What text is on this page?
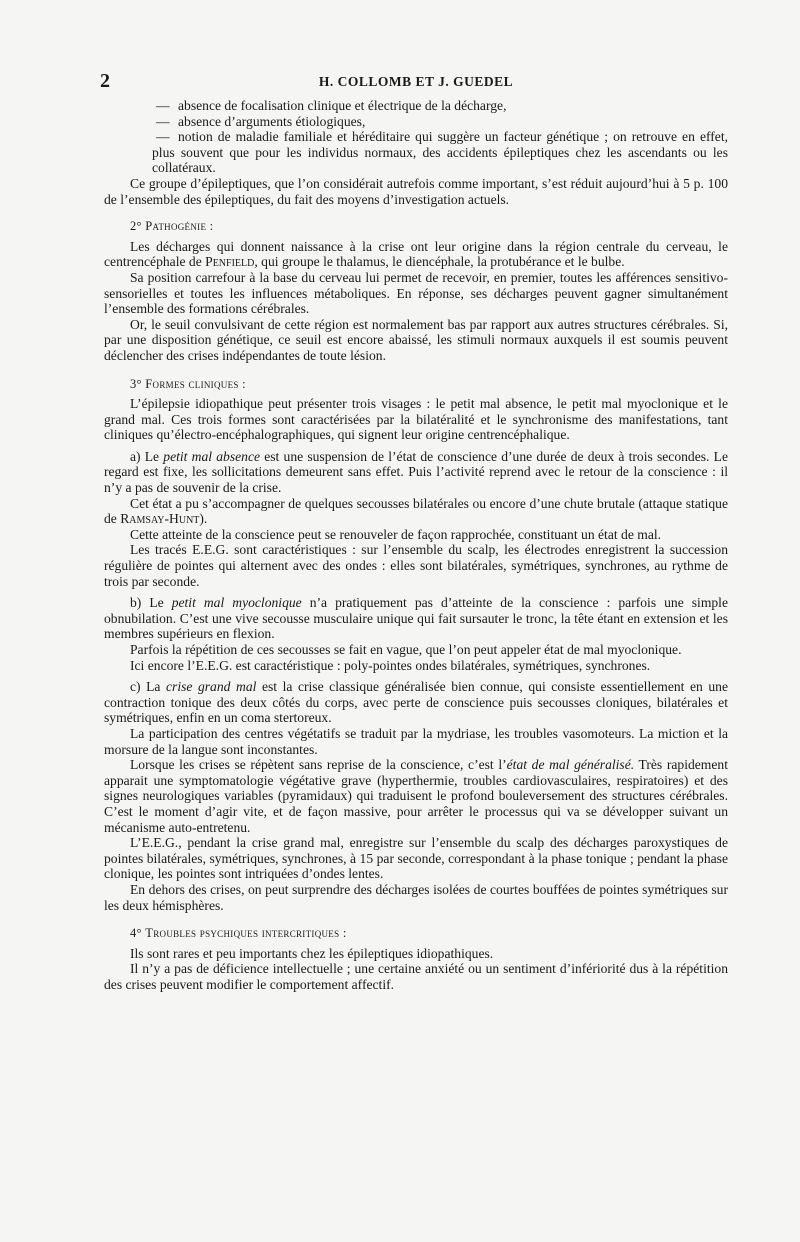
2	H. COLLOMB ET J. GUEDEL

— absence de focalisation clinique et électrique de la décharge,

— absence d’arguments étiologiques,

— notion de maladie familiale et héréditaire qui suggère un facteur génétique ; on retrouve en effet, plus souvent que pour les individus normaux, des accidents épileptiques chez les ascendants ou les collatéraux.

Ce groupe d’épileptiques, que l’on considérait autrefois comme important, s’est réduit aujourd’hui à 5 p. 100 de l’ensemble des épileptiques, du fait des moyens d’investigation actuels.

2° Pathogénie :

Les décharges qui donnent naissance à la crise ont leur origine dans la région centrale du cerveau, le centrencéphale de Penfield, qui groupe le thalamus, le diencéphale, la protubérance et le bulbe.

Sa position carrefour à la base du cerveau lui permet de recevoir, en premier, toutes les afférences sensitivo-sensorielles et toutes les influences métaboliques. En réponse, ses décharges peuvent gagner simultanément l’ensemble des formations cérébrales.

Or, le seuil convulsivant de cette région est normalement bas par rapport aux autres structures cérébrales. Si, par une disposition génétique, ce seuil est encore abaissé, les stimuli normaux auxquels il est soumis peuvent déclencher des crises indépendantes de toute lésion.

3° Formes cliniques :

L’épilepsie idiopathique peut présenter trois visages : le petit mal absence, le petit mal myoclonique et le grand mal. Ces trois formes sont caractérisées par la bilatéralité et le synchronisme des manifestations, tant cliniques qu’électro-encéphalographiques, qui signent leur origine centrencéphalique.

a) Le petit mal absence est une suspension de l’état de conscience d’une durée de deux à trois secondes. Le regard est fixe, les sollicitations demeurent sans effet. Puis l’activité reprend avec le retour de la conscience : il n’y a pas de souvenir de la crise.

Cet état a pu s’accompagner de quelques secousses bilatérales ou encore d’une chute brutale (attaque statique de Ramsay-Hunt).

Cette atteinte de la conscience peut se renouveler de façon rapprochée, constituant un état de mal.

Les tracés E.E.G. sont caractéristiques : sur l’ensemble du scalp, les électrodes enregistrent la succession régulière de pointes qui alternent avec des ondes : elles sont bilatérales, symétriques, synchrones, au rythme de trois par seconde.

b) Le petit mal myoclonique n’a pratiquement pas d’atteinte de la conscience : parfois une simple obnubilation. C’est une vive secousse musculaire unique qui fait sursauter le tronc, la tête étant en extension et les membres supérieurs en flexion.

Parfois la répétition de ces secousses se fait en vague, que l’on peut appeler état de mal myoclonique.

Ici encore l’E.E.G. est caractéristique : poly-pointes ondes bilatérales, symétriques, synchrones.

c) La crise grand mal est la crise classique généralisée bien connue, qui consiste essentiellement en une contraction tonique des deux côtés du corps, avec perte de conscience puis secousses cloniques, bilatérales et symétriques, enfin en un coma stertoreux.

La participation des centres végétatifs se traduit par la mydriase, les troubles vasomoteurs. La miction et la morsure de la langue sont inconstantes.

Lorsque les crises se répètent sans reprise de la conscience, c’est l’état de mal généralisé. Très rapidement apparait une symptomatologie végétative grave (hyperthermie, troubles cardiovasculaires, respiratoires) et des signes neurologiques variables (pyramidaux) qui traduisent le profond bouleversement des structures cérébrales. C’est le moment d’agir vite, et de façon massive, pour arrêter le processus qui va se développer suivant un mécanisme auto-entretenu.

L’E.E.G., pendant la crise grand mal, enregistre sur l’ensemble du scalp des décharges paroxystiques de pointes bilatérales, symétriques, synchrones, à 15 par seconde, correspondant à la phase tonique ; pendant la phase clonique, les pointes sont intriquées d’ondes lentes.

En dehors des crises, on peut surprendre des décharges isolées de courtes bouffées de pointes symétriques sur les deux hémisphères.

4° Troubles psychiques intercritiques :

Ils sont rares et peu importants chez les épileptiques idiopathiques.

Il n’y a pas de déficience intellectuelle ; une certaine anxiété ou un sentiment d’infériorité dus à la répétition des crises peuvent modifier le comportement affectif.
